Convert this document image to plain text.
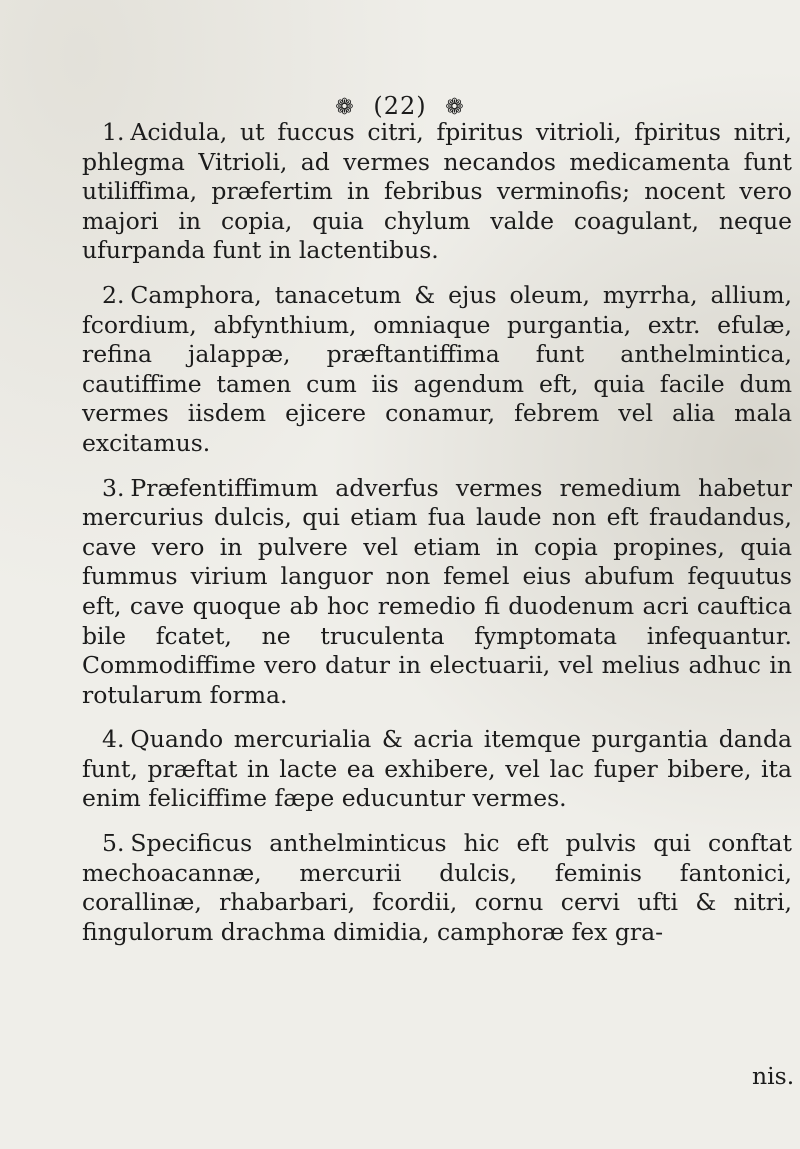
❁ (22) ❁

1. Acidula, ut fuccus citri, fpiritus vitrioli, fpiritus nitri, phlegma Vitrioli, ad vermes necandos medicamenta funt utiliffima, præfertim in febribus verminofis; nocent vero majori in copia, quia chylum valde coagulant, neque ufurpanda funt in lactentibus.

2. Camphora, tanacetum & ejus oleum, myrrha, allium, fcordium, abfynthium, omniaque purgantia, extr. efulæ, refina jalappæ, præftantiffima funt anthelmintica, cautiffime tamen cum iis agendum eft, quia facile dum vermes iisdem ejicere conamur, febrem vel alia mala excitamus.

3. Præfentiffimum adverfus vermes remedium habetur mercurius dulcis, qui etiam fua laude non eft fraudandus, cave vero in pulvere vel etiam in copia propines, quia fummus virium languor non femel eius abufum fequutus eft, cave quoque ab hoc remedio fi duodenum acri cauftica bile fcatet, ne truculenta fymptomata infequantur. Commodiffime vero datur in electuarii, vel melius adhuc in rotularum forma.

4. Quando mercurialia & acria itemque purgantia danda funt, præftat in lacte ea exhibere, vel lac fuper bibere, ita enim feliciffime fæpe educuntur vermes.

5. Specificus anthelminticus hic eft pulvis qui conftat mechoacannæ, mercurii dulcis, feminis fantonici, corallinæ, rhabarbari, fcordii, cornu cervi ufti & nitri, fingulorum drachma dimidia, camphoræ fex gra-

nis.
